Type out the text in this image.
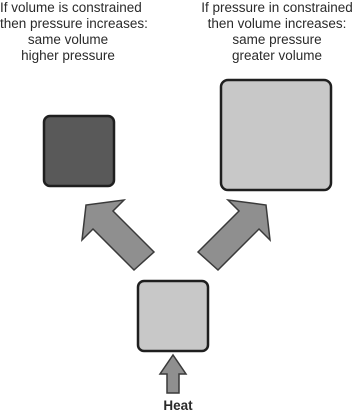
If volume is constrained
then pressure increases:
same volume
higher pressure
If pressure in constrained
then volume increases:
same pressure
greater volume
Heat
